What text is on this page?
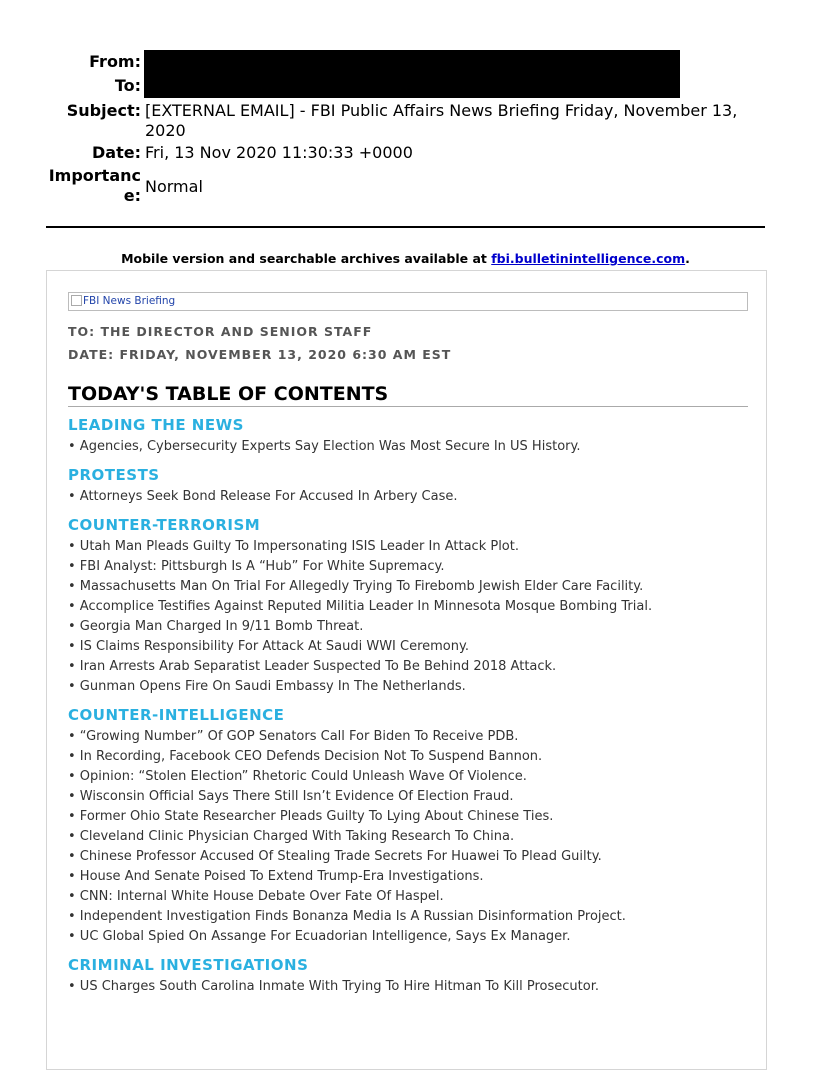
From:
To:
Subject: [EXTERNAL EMAIL] - FBI Public Affairs News Briefing Friday, November 13, 2020
Date: Fri, 13 Nov 2020 11:30:33 +0000
Importanc
e: Normal
Mobile version and searchable archives available at fbi.bulletinintelligence.com.
FBI News Briefing
TO: THE DIRECTOR AND SENIOR STAFF
DATE: FRIDAY, NOVEMBER 13, 2020 6:30 AM EST
TODAY'S TABLE OF CONTENTS
LEADING THE NEWS
• Agencies, Cybersecurity Experts Say Election Was Most Secure In US History.
PROTESTS
• Attorneys Seek Bond Release For Accused In Arbery Case.
COUNTER-TERRORISM
• Utah Man Pleads Guilty To Impersonating ISIS Leader In Attack Plot.
• FBI Analyst: Pittsburgh Is A “Hub” For White Supremacy.
• Massachusetts Man On Trial For Allegedly Trying To Firebomb Jewish Elder Care Facility.
• Accomplice Testifies Against Reputed Militia Leader In Minnesota Mosque Bombing Trial.
• Georgia Man Charged In 9/11 Bomb Threat.
• IS Claims Responsibility For Attack At Saudi WWI Ceremony.
• Iran Arrests Arab Separatist Leader Suspected To Be Behind 2018 Attack.
• Gunman Opens Fire On Saudi Embassy In The Netherlands.
COUNTER-INTELLIGENCE
• “Growing Number” Of GOP Senators Call For Biden To Receive PDB.
• In Recording, Facebook CEO Defends Decision Not To Suspend Bannon.
• Opinion: “Stolen Election” Rhetoric Could Unleash Wave Of Violence.
• Wisconsin Official Says There Still Isn’t Evidence Of Election Fraud.
• Former Ohio State Researcher Pleads Guilty To Lying About Chinese Ties.
• Cleveland Clinic Physician Charged With Taking Research To China.
• Chinese Professor Accused Of Stealing Trade Secrets For Huawei To Plead Guilty.
• House And Senate Poised To Extend Trump-Era Investigations.
• CNN: Internal White House Debate Over Fate Of Haspel.
• Independent Investigation Finds Bonanza Media Is A Russian Disinformation Project.
• UC Global Spied On Assange For Ecuadorian Intelligence, Says Ex Manager.
CRIMINAL INVESTIGATIONS
• US Charges South Carolina Inmate With Trying To Hire Hitman To Kill Prosecutor.
